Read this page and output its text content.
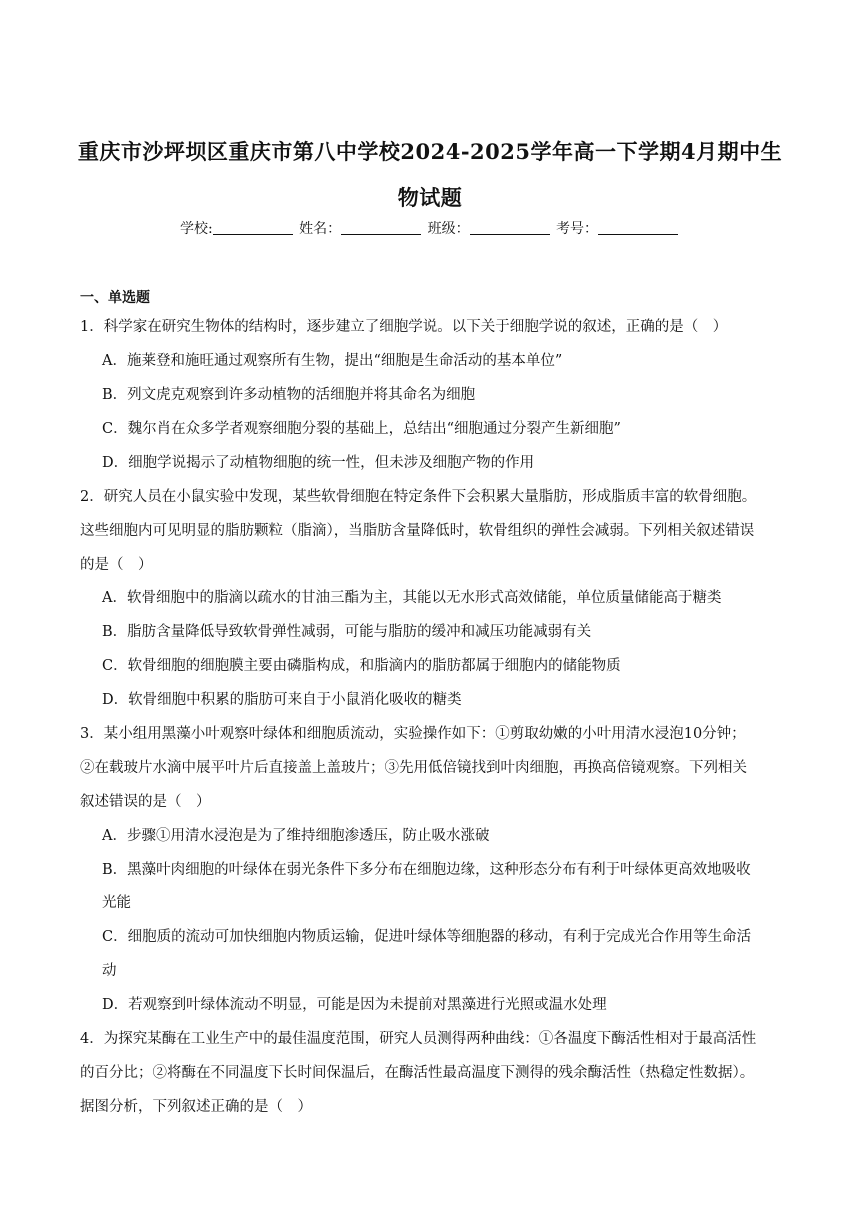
重庆市沙坪坝区重庆市第八中学校2024-2025学年高一下学期4月期中生
物试题
学校:	姓名：	班级：	考号：
一、单选题
1．科学家在研究生物体的结构时，逐步建立了细胞学说。以下关于细胞学说的叙述，正确的是（　）
A．施莱登和施旺通过观察所有生物，提出“细胞是生命活动的基本单位”
B．列文虎克观察到许多动植物的活细胞并将其命名为细胞
C．魏尔肖在众多学者观察细胞分裂的基础上，总结出“细胞通过分裂产生新细胞”
D．细胞学说揭示了动植物细胞的统一性，但未涉及细胞产物的作用
2．研究人员在小鼠实验中发现，某些软骨细胞在特定条件下会积累大量脂肪，形成脂质丰富的软骨细胞。
这些细胞内可见明显的脂肪颗粒（脂滴），当脂肪含量降低时，软骨组织的弹性会减弱。下列相关叙述错误
的是（　）
A．软骨细胞中的脂滴以疏水的甘油三酯为主，其能以无水形式高效储能，单位质量储能高于糖类
B．脂肪含量降低导致软骨弹性减弱，可能与脂肪的缓冲和减压功能减弱有关
C．软骨细胞的细胞膜主要由磷脂构成，和脂滴内的脂肪都属于细胞内的储能物质
D．软骨细胞中积累的脂肪可来自于小鼠消化吸收的糖类
3．某小组用黑藻小叶观察叶绿体和细胞质流动，实验操作如下：①剪取幼嫩的小叶用清水浸泡10分钟；
②在载玻片水滴中展平叶片后直接盖上盖玻片；③先用低倍镜找到叶肉细胞，再换高倍镜观察。下列相关
叙述错误的是（　）
A．步骤①用清水浸泡是为了维持细胞渗透压，防止吸水涨破
B．黑藻叶肉细胞的叶绿体在弱光条件下多分布在细胞边缘，这种形态分布有利于叶绿体更高效地吸收
光能
C．细胞质的流动可加快细胞内物质运输，促进叶绿体等细胞器的移动，有利于完成光合作用等生命活
动
D．若观察到叶绿体流动不明显，可能是因为未提前对黑藻进行光照或温水处理
4．为探究某酶在工业生产中的最佳温度范围，研究人员测得两种曲线：①各温度下酶活性相对于最高活性
的百分比；②将酶在不同温度下长时间保温后，在酶活性最高温度下测得的残余酶活性（热稳定性数据）。
据图分析，下列叙述正确的是（　）
